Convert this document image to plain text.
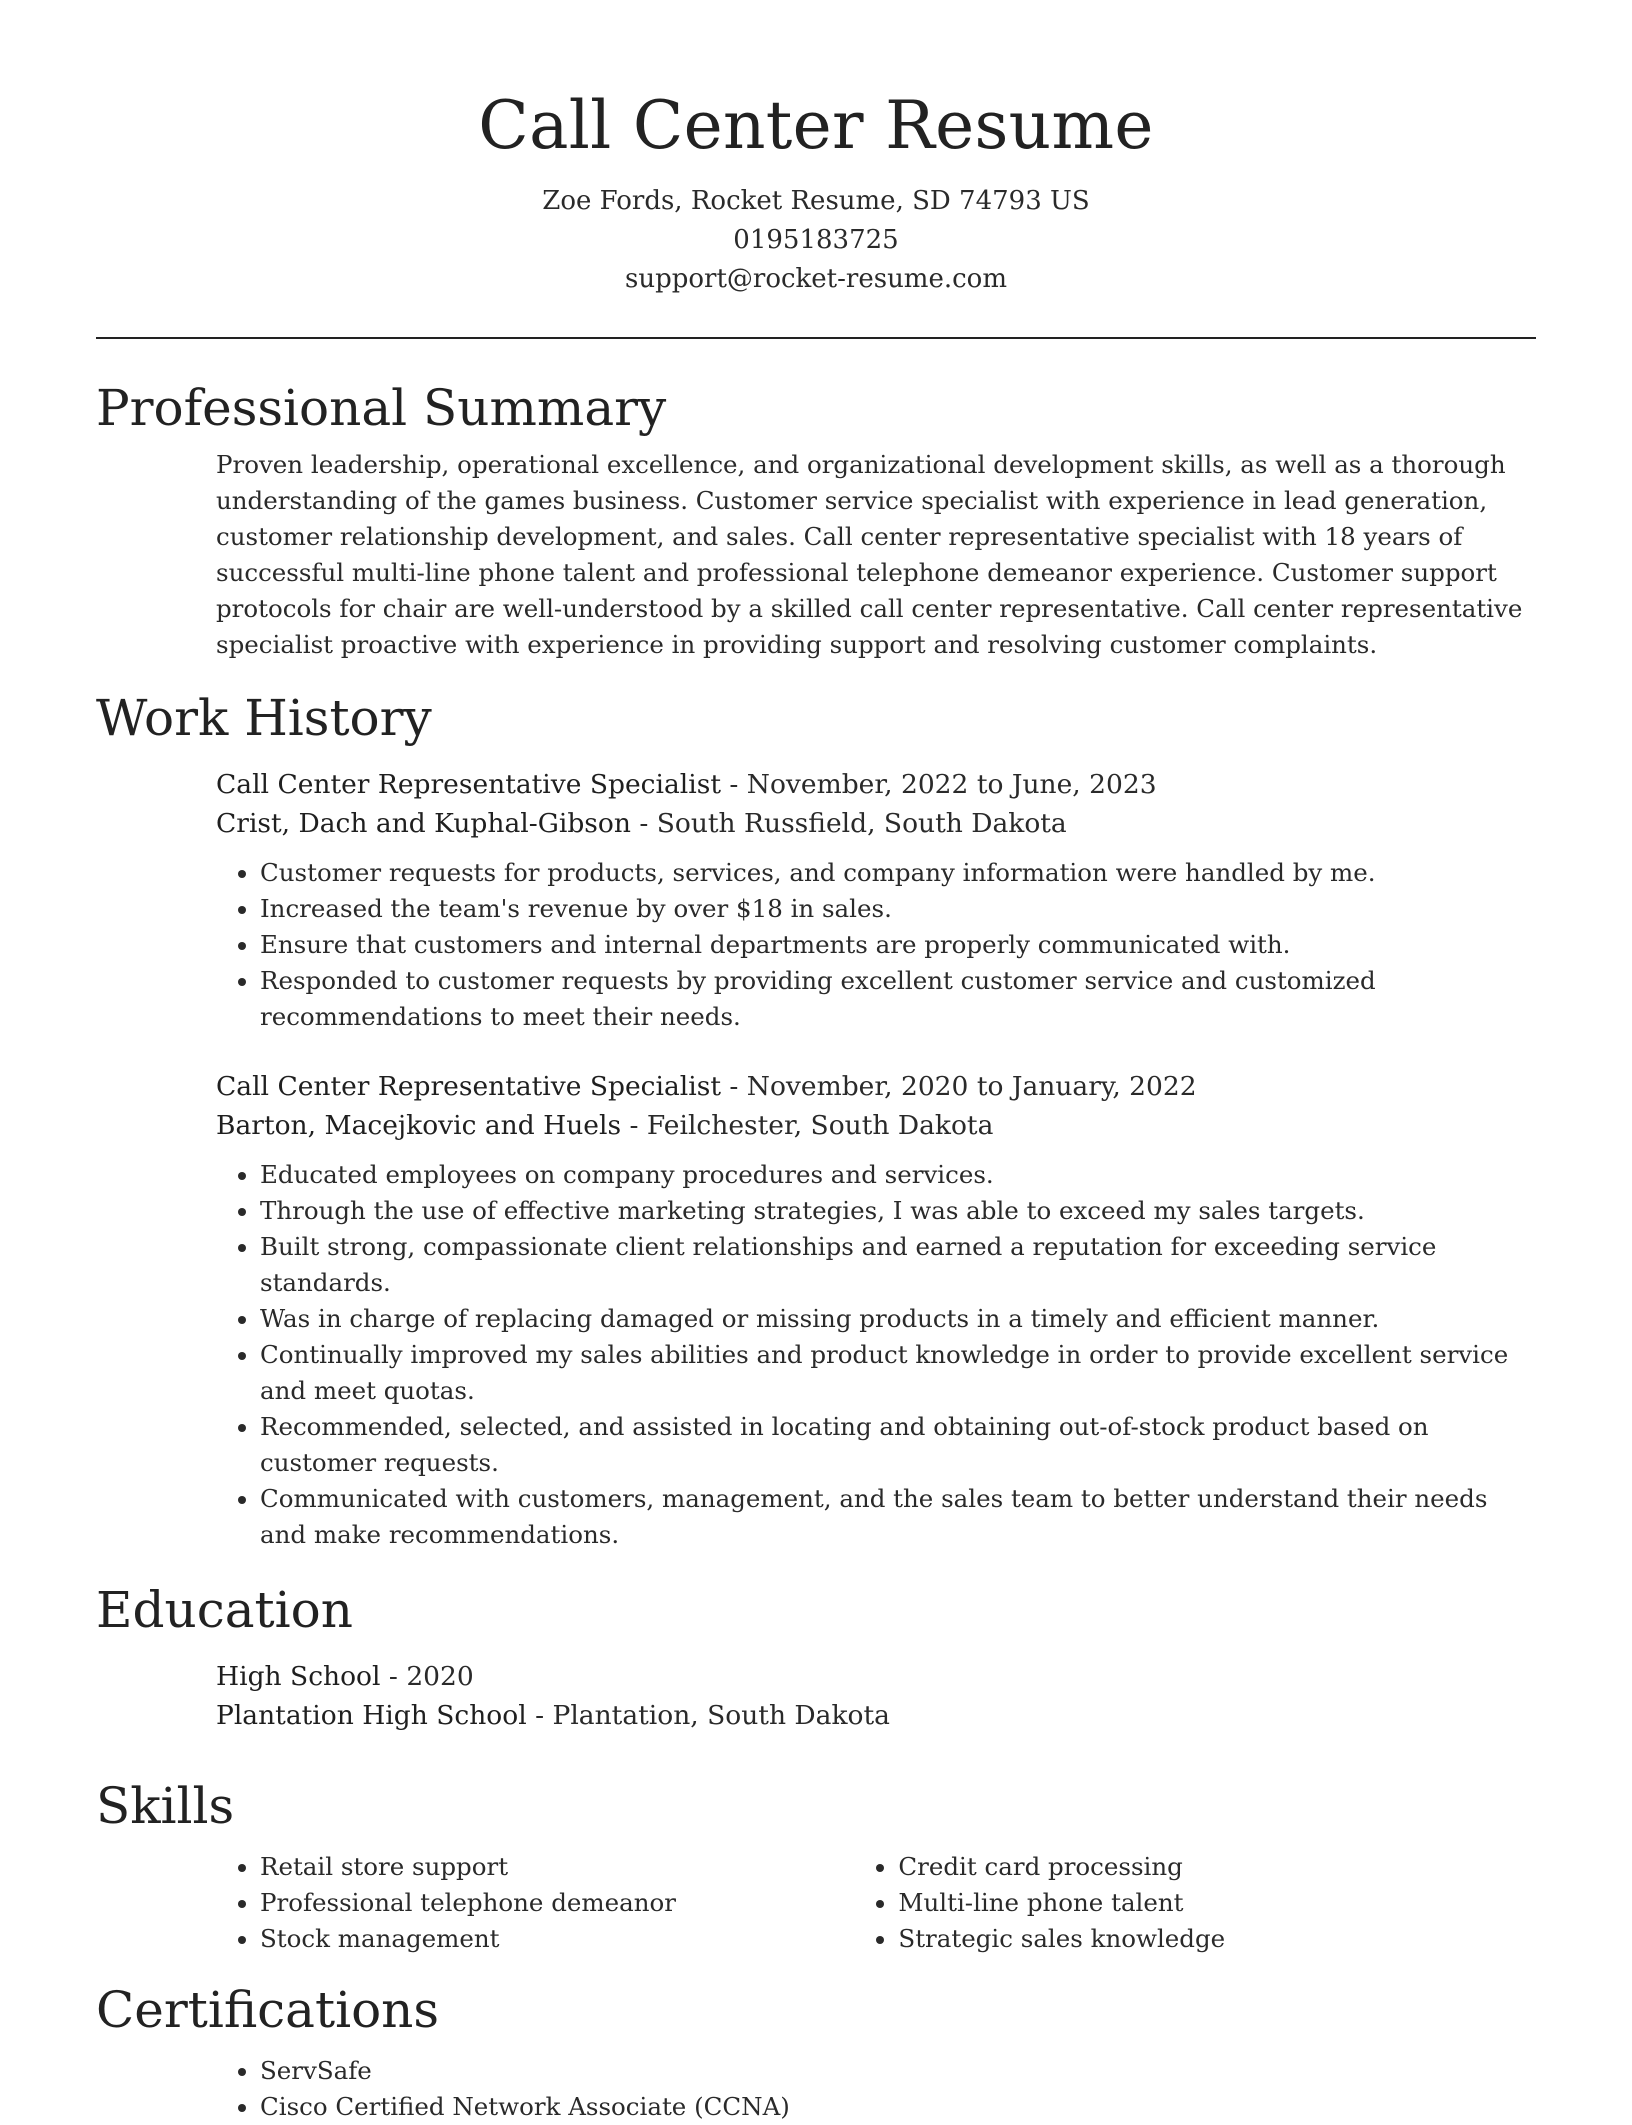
Call Center Resume
Zoe Fords, Rocket Resume, SD 74793 US
0195183725
support@rocket-resume.com
Professional Summary

Proven leadership, operational excellence, and organizational development skills, as well as a thorough understanding of the games business. Customer service specialist with experience in lead generation, customer relationship development, and sales. Call center representative specialist with 18 years of successful multi-line phone talent and professional telephone demeanor experience. Customer support protocols for chair are well-understood by a skilled call center representative. Call center representative specialist proactive with experience in providing support and resolving customer complaints.

Work History
Call Center Representative Specialist - November, 2022 to June, 2023
Crist, Dach and Kuphal-Gibson - South Russfield, South Dakota
• Customer requests for products, services, and company information were handled by me.
• Increased the team's revenue by over $18 in sales.
• Ensure that customers and internal departments are properly communicated with.
• Responded to customer requests by providing excellent customer service and customized recommendations to meet their needs.
Call Center Representative Specialist - November, 2020 to January, 2022
Barton, Macejkovic and Huels - Feilchester, South Dakota
• Educated employees on company procedures and services.
• Through the use of effective marketing strategies, I was able to exceed my sales targets.
• Built strong, compassionate client relationships and earned a reputation for exceeding service standards.
• Was in charge of replacing damaged or missing products in a timely and efficient manner.
• Continually improved my sales abilities and product knowledge in order to provide excellent service and meet quotas.
• Recommended, selected, and assisted in locating and obtaining out-of-stock product based on customer requests.
• Communicated with customers, management, and the sales team to better understand their needs and make recommendations.
Education
High School - 2020
Plantation High School - Plantation, South Dakota
Skills
• Retail store support
• Professional telephone demeanor
• Stock management
• Credit card processing
• Multi-line phone talent
• Strategic sales knowledge
Certifications
• ServSafe
• Cisco Certified Network Associate (CCNA)
